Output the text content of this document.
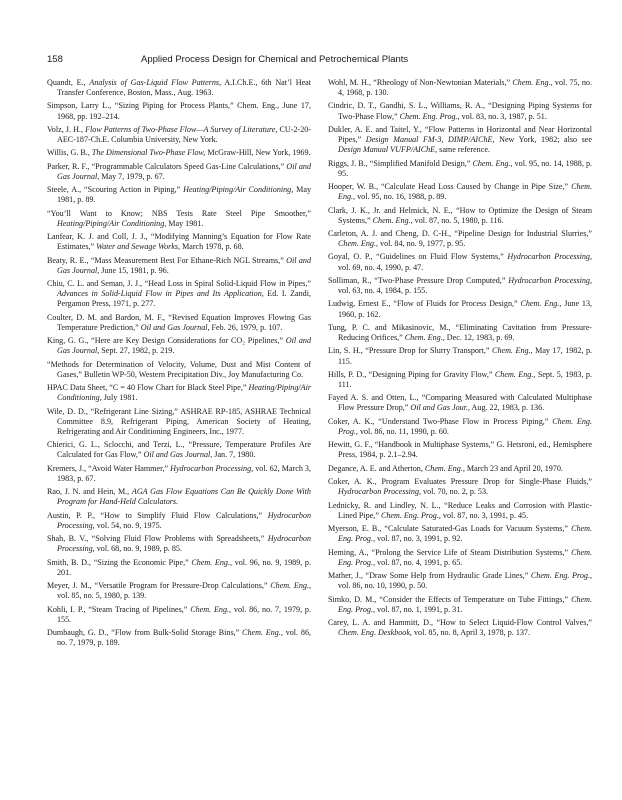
158	Applied Process Design for Chemical and Petrochemical Plants

Quandt, E., Analysis of Gas-Liquid Flow Patterns, A.I.Ch.E., 6th Nat’l Heat Transfer Conference, Boston, Mass., Aug. 1963.

Simpson, Larry L., “Sizing Piping for Process Plants,” Chem. Eng., June 17, 1968, pp. 192–214.

Volz, J. H., Flow Patterns of Two-Phase Flow—A Survey of Literature, CU-2-20-AEC-187-Ch.E. Columbia University, New York.

Willis, G. B., The Dimensional Two-Phase Flow, McGraw-Hill, New York, 1969.

Parker, R. F., “Programmable Calculators Speed Gas-Line Calculations,” Oil and Gas Journal, May 7, 1979, p. 67.

Steele, A., “Scouring Action in Piping,” Heating/Piping/Air Conditioning, May 1981, p. 89.

“You’ll Want to Know; NBS Tests Rate Steel Pipe Smoother,” Heating/Piping/Air Conditioning, May 1981.

Lanfear, K. J. and Coll, J. J., “Modifying Manning’s Equation for Flow Rate Estimates,” Water and Sewage Works, March 1978, p. 68.

Beaty, R. E., “Mass Measurement Best For Ethane-Rich NGL Streams,” Oil and Gas Journal, June 15, 1981, p. 96.

Chiu, C. L. and Seman, J. J., “Head Loss in Spiral Solid-Liquid Flow in Pipes,” Advances in Solid-Liquid Flow in Pipes and Its Application, Ed. I. Zandi, Pergamon Press, 1971, p. 277.

Coulter, D. M. and Bardon, M. F., “Revised Equation Improves Flowing Gas Temperature Prediction,” Oil and Gas Journal, Feb. 26, 1979, p. 107.

King, G. G., “Here are Key Design Considerations for CO₂ Pipelines,” Oil and Gas Journal, Sept. 27, 1982, p. 219.

“Methods for Determination of Velocity, Volume, Dust and Mist Content of Gases,” Bulletin WP-50, Western Precipitation Div., Joy Manufacturing Co.

HPAC Data Sheet, “C = 40 Flow Chart for Black Steel Pipe,” Heating/Piping/Air Conditioning, July 1981.

Wile, D. D., “Refrigerant Line Sizing,” ASHRAE RP-185, ASHRAE Technical Committee 8.9, Refrigerant Piping, American Society of Heating, Refrigerating and Air Conditioning Engineers, Inc., 1977.

Chierici, G. L., Sclocchi, and Terzi, L., “Pressure, Temperature Profiles Are Calculated for Gas Flow,” Oil and Gas Journal, Jan. 7, 1980.

Kremers, J., “Avoid Water Hammer,” Hydrocarbon Processing, vol. 62, March 3, 1983, p. 67.

Rao, J. N. and Hein, M., AGA Gas Flow Equations Can Be Quickly Done With Program for Hand-Held Calculators.

Austin, P. P., “How to Simplify Fluid Flow Calculations,” Hydrocarbon Processing, vol. 54, no. 9, 1975.

Shah, B. V., “Solving Fluid Flow Problems with Spreadsheets,” Hydrocarbon Processing, vol. 68, no. 9, 1989, p. 85.

Smith, B. D., “Sizing the Economic Pipe,” Chem. Eng., vol. 96, no. 9, 1989, p. 201.

Meyer, J. M., “Versatile Program for Pressure-Drop Calculations,” Chem. Eng., vol. 85, no. 5, 1980, p. 139.

Kohli, I. P., “Steam Tracing of Pipelines,” Chem. Eng., vol. 86, no. 7, 1979, p. 155.

Dumbaugh, G. D., “Flow from Bulk-Solid Storage Bins,” Chem. Eng., vol. 86, no. 7, 1979, p. 189.

Wohl, M. H., “Rheology of Non-Newtonian Materials,” Chem. Eng., vol. 75, no. 4, 1968, p. 130.

Cindric, D. T., Gandhi, S. L., Williams, R. A., “Designing Piping Systems for Two-Phase Flow,” Chem. Eng. Prog., vol. 83, no. 3, 1987, p. 51.

Dukler, A. E. and Taitel, Y., “Flow Patterns in Horizontal and Near Horizontal Pipes,” Design Manual FM-3, DIMP/AIChE, New York, 1982; also see Design Manual VUFP/AIChE, same reference.

Riggs, J. B., “Simplified Manifold Design,” Chem. Eng., vol. 95, no. 14, 1988, p. 95.

Hooper, W. B., “Calculate Head Loss Caused by Change in Pipe Size,” Chem. Eng., vol. 95, no. 16, 1988, p. 89.

Clark, J. K., Jr. and Helmick, N. E., “How to Optimize the Design of Steam Systems,” Chem. Eng., vol. 87, no. 5, 1980, p. 116.

Carleton, A. J. and Cheng, D. C-H., “Pipeline Design for Industrial Slurries,” Chem. Eng., vol. 84, no. 9, 1977, p. 95.

Goyal, O. P., “Guidelines on Fluid Flow Systems,” Hydrocarbon Processing, vol. 69, no. 4, 1990, p. 47.

Solliman, R., “Two-Phase Pressure Drop Computed,” Hydrocarbon Processing, vol. 63, no. 4, 1984, p. 155.

Ludwig, Ernest E., “Flow of Fluids for Process Design,” Chem. Eng., June 13, 1960, p. 162.

Tung, P. C. and Mikasinovic, M., “Eliminating Cavitation from Pressure-Reducing Orifices,” Chem. Eng., Dec. 12, 1983, p. 69.

Lin, S. H., “Pressure Drop for Slurry Transport,” Chem. Eng., May 17, 1982, p. 115.

Hills, P. D., “Designing Piping for Gravity Flow,” Chem. Eng., Sept. 5, 1983, p. 111.

Fayed A. S. and Otten, L., “Comparing Measured with Calculated Multiphase Flow Pressure Drop,” Oil and Gas Jour., Aug. 22, 1983, p. 136.

Coker, A. K., “Understand Two-Phase Flow in Process Piping,” Chem. Eng. Prog., vol. 86, no. 11, 1990, p. 60.

Hewitt, G. F., “Handbook in Multiphase Systems,” G. Hetsroni, ed., Hemisphere Press, 1984, p. 2.1–2.94.

Degance, A. E. and Atherton, Chem. Eng., March 23 and April 20, 1970.

Coker, A. K., Program Evaluates Pressure Drop for Single-Phase Fluids,” Hydrocarbon Processing, vol. 70, no. 2, p. 53.

Lednicky, R. and Lindley, N. L., “Reduce Leaks and Corrosion with Plastic-Lined Pipe,” Chem. Eng. Prog., vol. 87, no. 3, 1991, p. 45.

Myerson, E. B., “Calculate Saturated-Gas Loads for Vacuum Systems,” Chem. Eng. Prog., vol. 87, no. 3, 1991, p. 92.

Heming, A., “Prolong the Service Life of Steam Distribution Systems,” Chem. Eng. Prog., vol. 87, no. 4, 1991, p. 65.

Mather, J., “Draw Some Help from Hydraulic Grade Lines,” Chem. Eng. Prog., vol. 86, no. 10, 1990, p. 50.

Simko, D. M., “Consider the Effects of Temperature on Tube Fittings,” Chem. Eng. Prog., vol. 87, no. 1, 1991, p. 31.

Carey, L. A. and Hammitt, D., “How to Select Liquid-Flow Control Valves,” Chem. Eng. Deskbook, vol. 85, no. 8, April 3, 1978, p. 137.
